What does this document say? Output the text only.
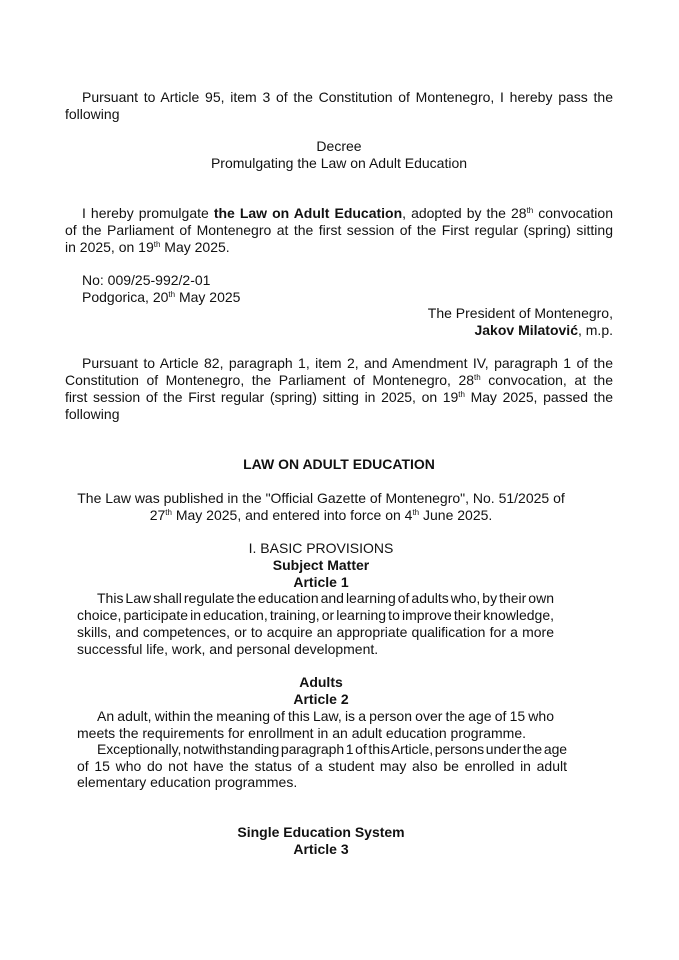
Pursuant to Article 95, item 3 of the Constitution of Montenegro, I hereby pass the
following
Decree
Promulgating the Law on Adult Education
I hereby promulgate the Law on Adult Education, adopted by the 28th convocation
of the Parliament of Montenegro at the first session of the First regular (spring) sitting
in 2025, on 19th May 2025.
No: 009/25-992/2-01
Podgorica, 20th May 2025
The President of Montenegro,
Jakov Milatović, m.p.
Pursuant to Article 82, paragraph 1, item 2, and Amendment IV, paragraph 1 of the
Constitution of Montenegro, the Parliament of Montenegro, 28th convocation, at the
first session of the First regular (spring) sitting in 2025, on 19th May 2025, passed the
following
LAW ON ADULT EDUCATION
The Law was published in the "Official Gazette of Montenegro", No. 51/2025 of
27th May 2025, and entered into force on 4th June 2025.
I. BASIC PROVISIONS
Subject Matter
Article 1
This Law shall regulate the education and learning of adults who, by their own
choice, participate in education, training, or learning to improve their knowledge,
skills, and competences, or to acquire an appropriate qualification for a more
successful life, work, and personal development.
Adults
Article 2
An adult, within the meaning of this Law, is a person over the age of 15 who
meets the requirements for enrollment in an adult education programme.
Exceptionally, notwithstanding paragraph 1 of this Article, persons under the age
of 15 who do not have the status of a student may also be enrolled in adult
elementary education programmes.
Single Education System
Article 3
